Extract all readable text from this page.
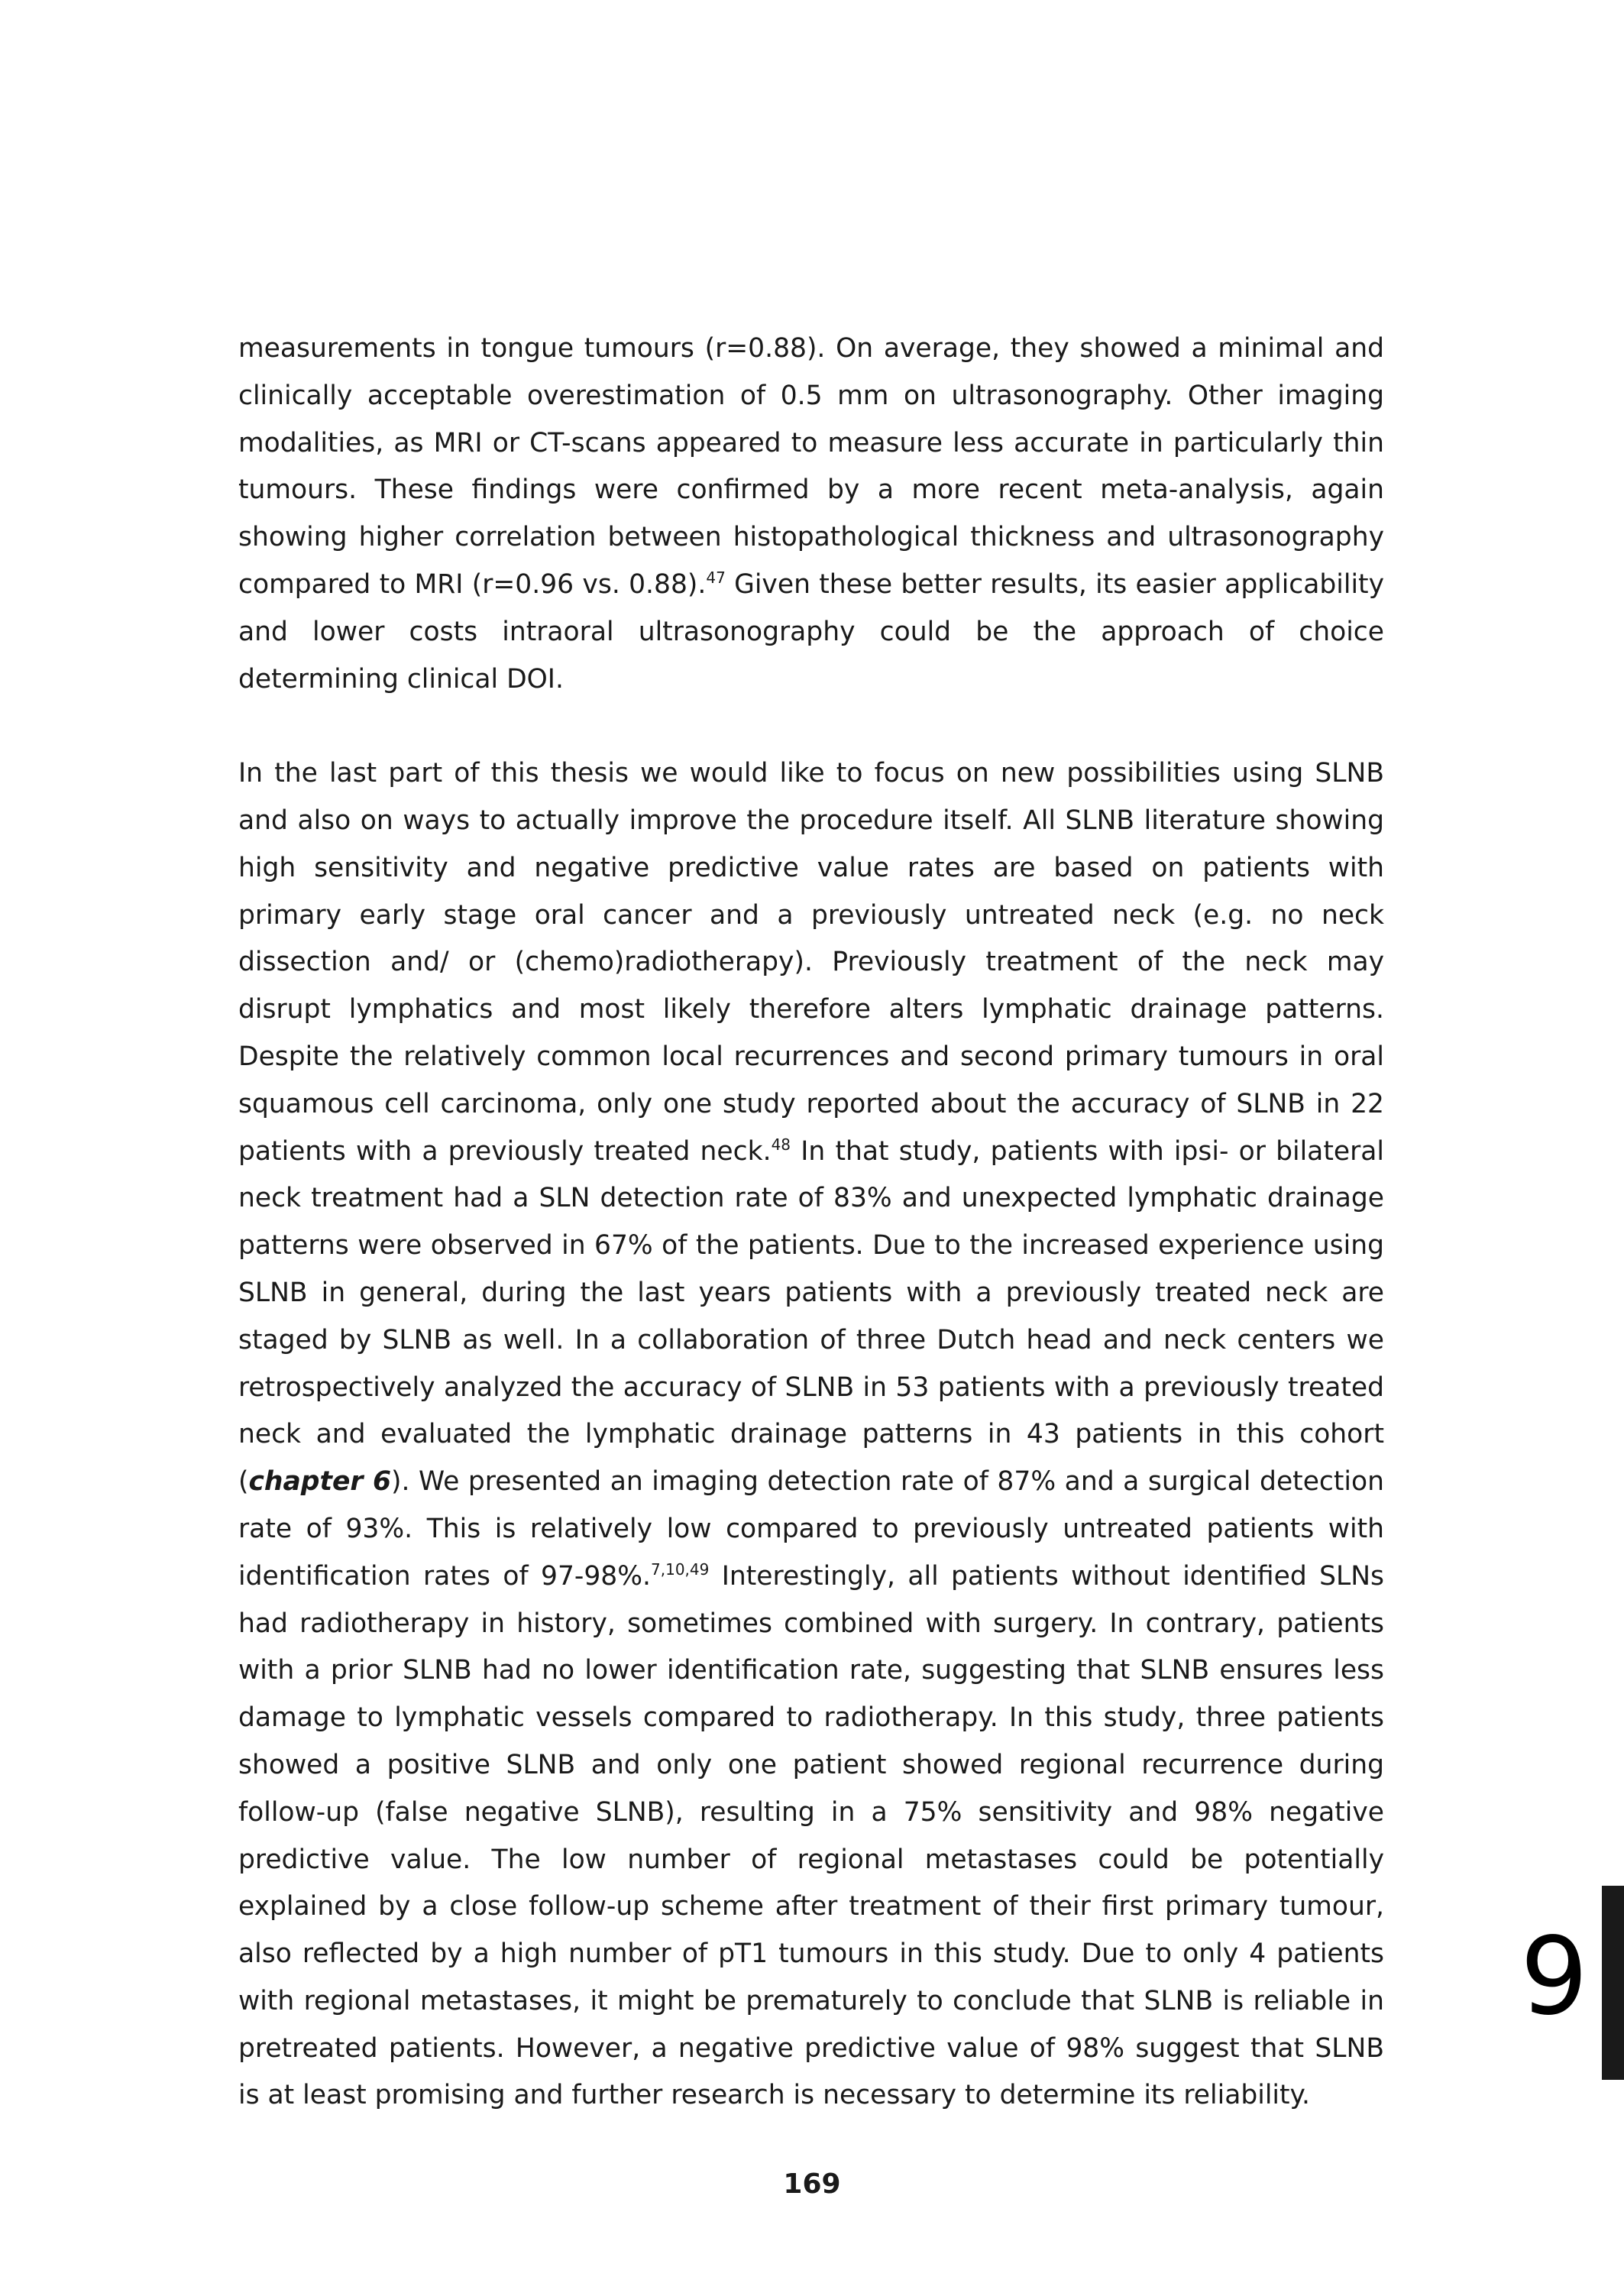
measurements in tongue tumours (r=0.88). On average, they showed a minimal and clinically acceptable overestimation of 0.5 mm on ultrasonography. Other imaging modalities, as MRI or CT-scans appeared to measure less accurate in particularly thin tumours. These findings were confirmed by a more recent meta-analysis, again showing higher correlation between histopathological thickness and ultrasonography compared to MRI (r=0.96 vs. 0.88).$^{47}$ Given these better results, its easier applicability and lower costs intraoral ultrasonography could be the approach of choice determining clinical DOI.

In the last part of this thesis we would like to focus on new possibilities using SLNB and also on ways to actually improve the procedure itself. All SLNB literature showing high sensitivity and negative predictive value rates are based on patients with primary early stage oral cancer and a previously untreated neck (e.g. no neck dissection and/ or (chemo)radiotherapy). Previously treatment of the neck may disrupt lymphatics and most likely therefore alters lymphatic drainage patterns. Despite the relatively common local recurrences and second primary tumours in oral squamous cell carcinoma, only one study reported about the accuracy of SLNB in 22 patients with a previously treated neck.$^{48}$ In that study, patients with ipsi- or bilateral neck treatment had a SLN detection rate of 83% and unexpected lymphatic drainage patterns were observed in 67% of the patients. Due to the increased experience using SLNB in general, during the last years patients with a previously treated neck are staged by SLNB as well. In a collaboration of three Dutch head and neck centers we retrospectively analyzed the accuracy of SLNB in 53 patients with a previously treated neck and evaluated the lymphatic drainage patterns in 43 patients in this cohort (chapter 6). We presented an imaging detection rate of 87% and a surgical detection rate of 93%. This is relatively low compared to previously untreated patients with identification rates of 97-98%.$^{7,10,49}$ Interestingly, all patients without identified SLNs had radiotherapy in history, sometimes combined with surgery. In contrary, patients with a prior SLNB had no lower identification rate, suggesting that SLNB ensures less damage to lymphatic vessels compared to radiotherapy. In this study, three patients showed a positive SLNB and only one patient showed regional recurrence during follow-up (false negative SLNB), resulting in a 75% sensitivity and 98% negative predictive value. The low number of regional metastases could be potentially explained by a close follow-up scheme after treatment of their first primary tumour, also reflected by a high number of pT1 tumours in this study. Due to only 4 patients with regional metastases, it might be prematurely to conclude that SLNB is reliable in pretreated patients. However, a negative predictive value of 98% suggest that SLNB is at least promising and further research is necessary to determine its reliability.

9
169
